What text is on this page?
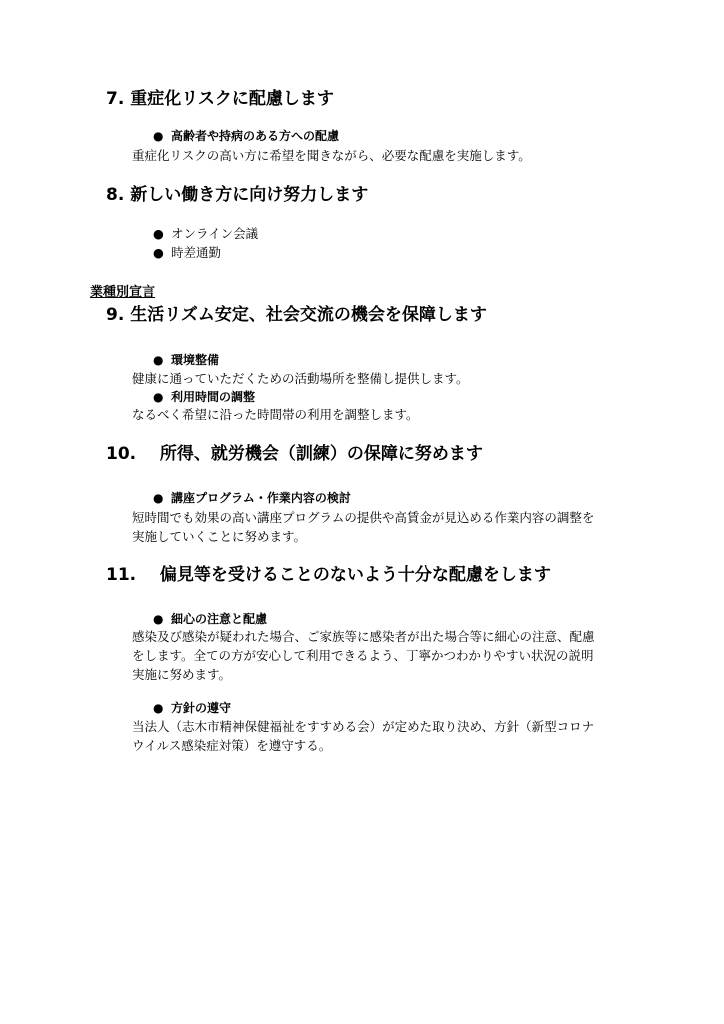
7. 重症化リスクに配慮します
● 高齢者や持病のある方への配慮
重症化リスクの高い方に希望を聞きながら、必要な配慮を実施します。
8. 新しい働き方に向け努力します
● オンライン会議
● 時差通勤
業種別宣言
9. 生活リズム安定、社会交流の機会を保障します
● 環境整備
健康に通っていただくための活動場所を整備し提供します。
● 利用時間の調整
なるべく希望に沿った時間帯の利用を調整します。
10. 所得、就労機会（訓練）の保障に努めます
● 講座プログラム・作業内容の検討
短時間でも効果の高い講座プログラムの提供や高賃金が見込める作業内容の調整を
実施していくことに努めます。
11. 偏見等を受けることのないよう十分な配慮をします
● 細心の注意と配慮
感染及び感染が疑われた場合、ご家族等に感染者が出た場合等に細心の注意、配慮
をします。全ての方が安心して利用できるよう、丁寧かつわかりやすい状況の説明
実施に努めます。
● 方針の遵守
当法人（志木市精神保健福祉をすすめる会）が定めた取り決め、方針（新型コロナ
ウイルス感染症対策）を遵守する。
